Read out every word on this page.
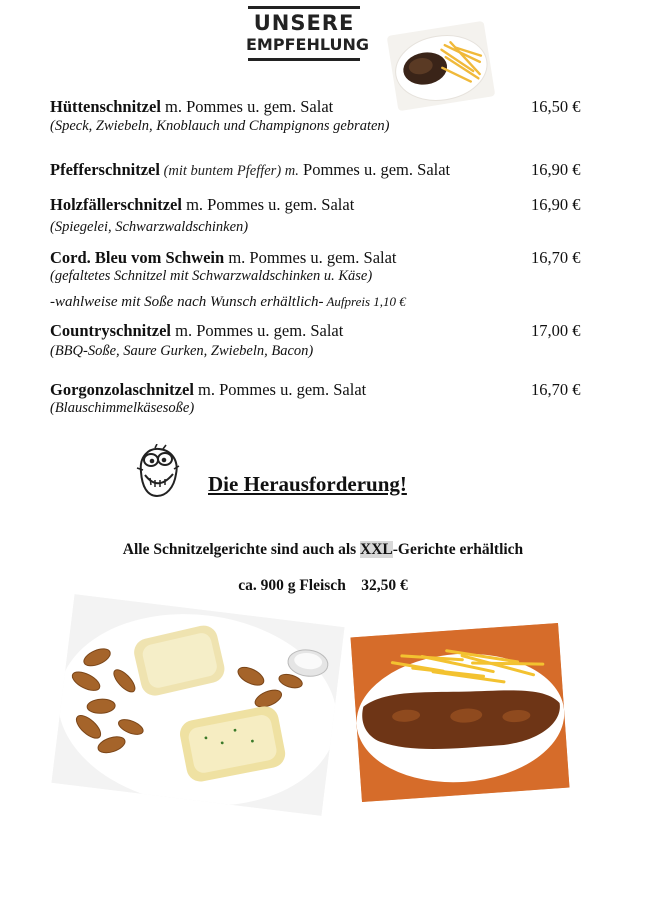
UNSERE
EMPFEHLUNG
Hüttenschnitzel m. Pommes u. gem. Salat	16,50 €
(Speck, Zwiebeln, Knoblauch und Champignons gebraten)
Pfefferschnitzel (mit buntem Pfeffer) m. Pommes u. gem. Salat	16,90 €
Holzfällerschnitzel m. Pommes u. gem. Salat	16,90 €
(Spiegelei, Schwarzwaldschinken)
Cord. Bleu vom Schwein m. Pommes u. gem. Salat	16,70 €
(gefaltetes Schnitzel mit Schwarzwaldschinken u. Käse)
-wahlweise mit Soße nach Wunsch erhältlich- Aufpreis 1,10 €
Countryschnitzel m. Pommes u. gem. Salat	17,00 €
(BBQ-Soße, Saure Gurken, Zwiebeln, Bacon)
Gorgonzolaschnitzel m. Pommes u. gem. Salat	16,70 €
(Blauschimmelkäsesoße)
Die Herausforderung!
Alle Schnitzelgerichte sind auch als XXL-Gerichte erhältlich
ca. 900 g Fleisch    32,50 €
